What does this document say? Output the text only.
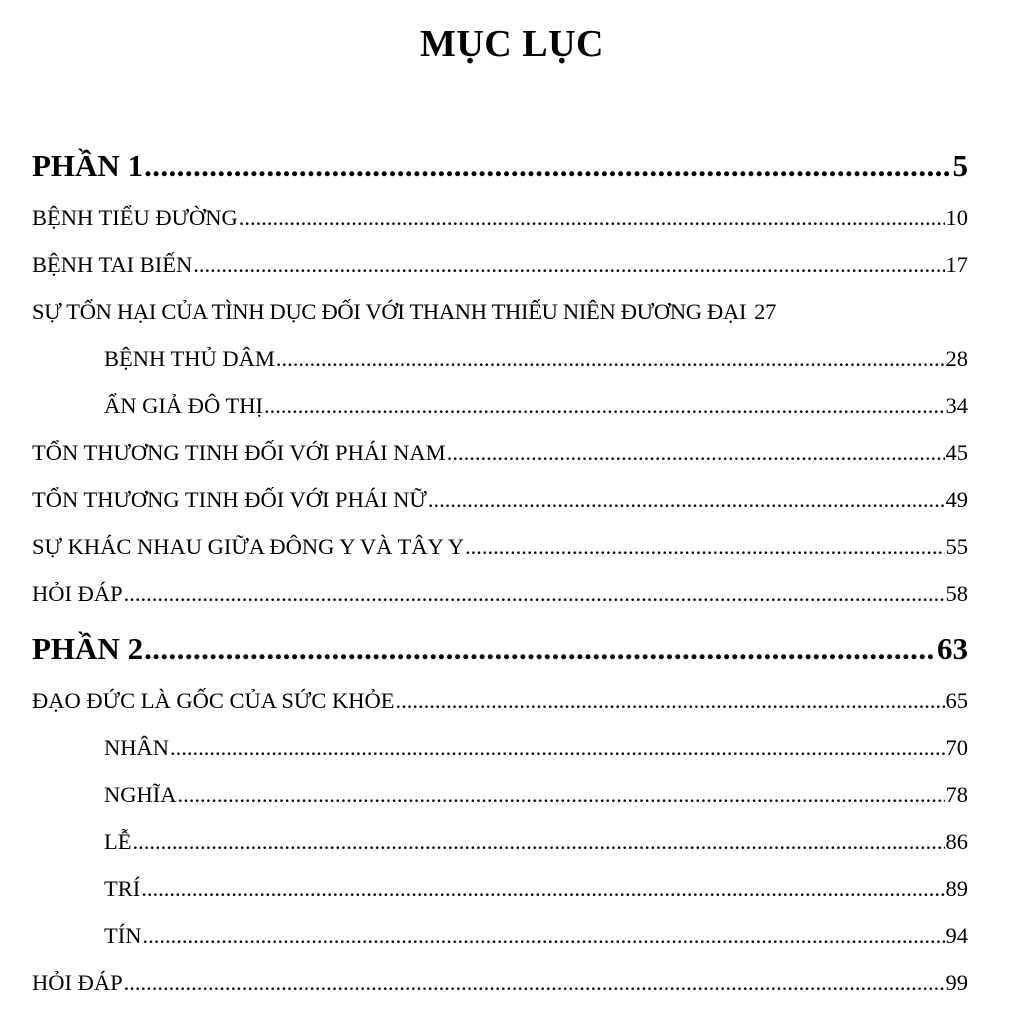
MỤC LỤC
PHẦN 1 .....	5
BỆNH TIỂU ĐƯỜNG .....	10
BỆNH TAI BIẾN .....	17
SỰ TỔN HẠI CỦA TÌNH DỤC ĐỐI VỚI THANH THIẾU NIÊN ĐƯƠNG ĐẠI 27
BỆNH THỦ DÂM .....	28
ẨN GIẢ ĐÔ THỊ .....	34
TỔN THƯƠNG TINH ĐỐI VỚI PHÁI NAM .....	45
TỔN THƯƠNG TINH ĐỐI VỚI PHÁI NỮ .....	49
SỰ KHÁC NHAU GIỮA ĐÔNG Y VÀ TÂY Y .....	55
HỎI ĐÁP .....	58
PHẦN 2 .....	63
ĐẠO ĐỨC LÀ GỐC CỦA SỨC KHỎE .....	65
NHÂN .....	70
NGHĨA .....	78
LỄ .....	86
TRÍ .....	89
TÍN .....	94
HỎI ĐÁP .....	99
